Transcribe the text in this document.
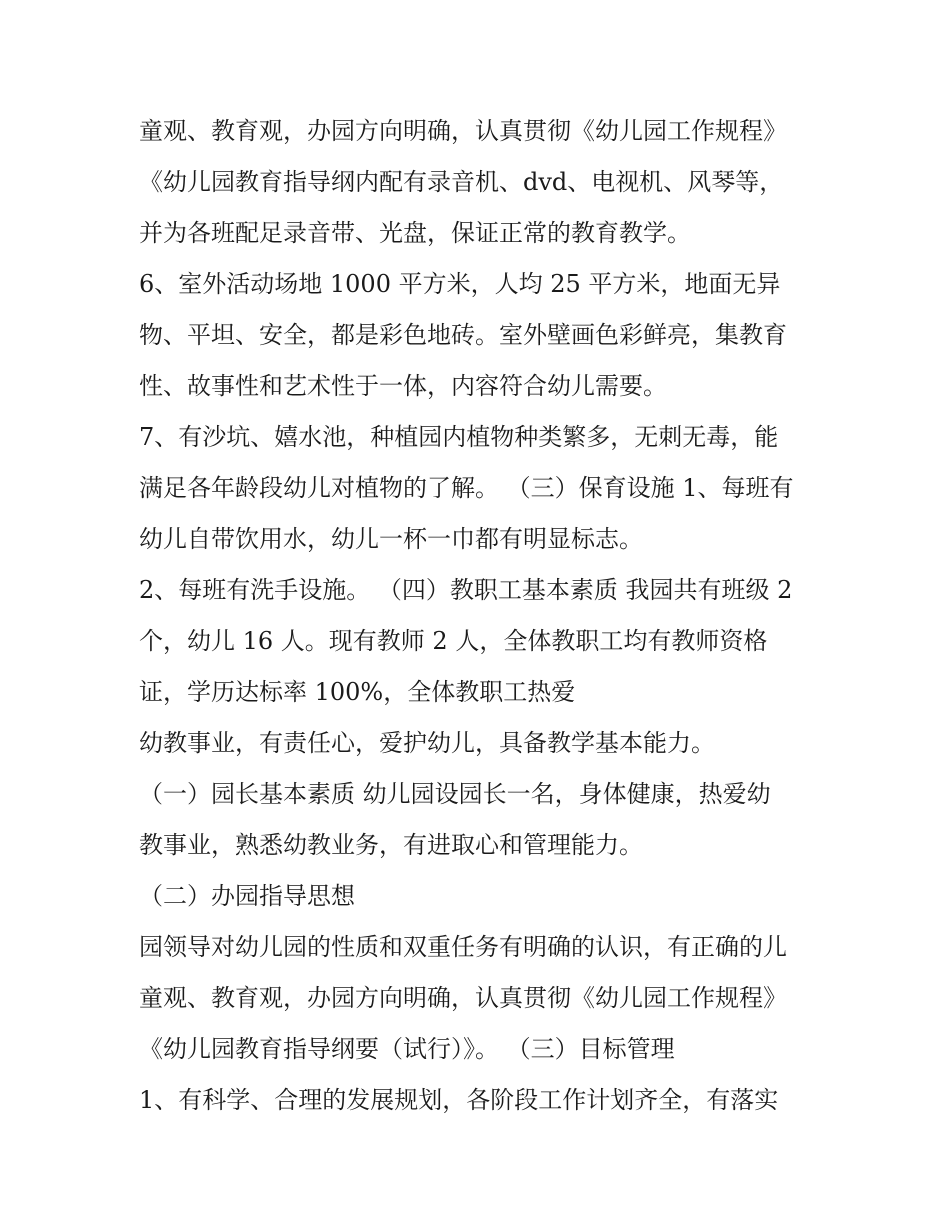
童观、教育观，办园方向明确，认真贯彻《幼儿园工作规程》
《幼儿园教育指导纲内配有录音机、dvd、电视机、风琴等，
并为各班配足录音带、光盘，保证正常的教育教学。
6、室外活动场地 1000 平方米，人均 25 平方米，地面无异
物、平坦、安全，都是彩色地砖。室外壁画色彩鲜亮，集教育
性、故事性和艺术性于一体，内容符合幼儿需要。
7、有沙坑、嬉水池，种植园内植物种类繁多，无刺无毒，能
满足各年龄段幼儿对植物的了解。 （三）保育设施 1、每班有
幼儿自带饮用水，幼儿一杯一巾都有明显标志。
2、每班有洗手设施。 （四）教职工基本素质 我园共有班级 2
个，幼儿 16 人。现有教师 2 人，全体教职工均有教师资格
证，学历达标率 100%，全体教职工热爱
幼教事业，有责任心，爱护幼儿，具备教学基本能力。
（一）园长基本素质 幼儿园设园长一名，身体健康，热爱幼
教事业，熟悉幼教业务，有进取心和管理能力。
（二）办园指导思想
园领导对幼儿园的性质和双重任务有明确的认识，有正确的儿
童观、教育观，办园方向明确，认真贯彻《幼儿园工作规程》
《幼儿园教育指导纲要（试行）》。 （三）目标管理
1、有科学、合理的发展规划，各阶段工作计划齐全，有落实
